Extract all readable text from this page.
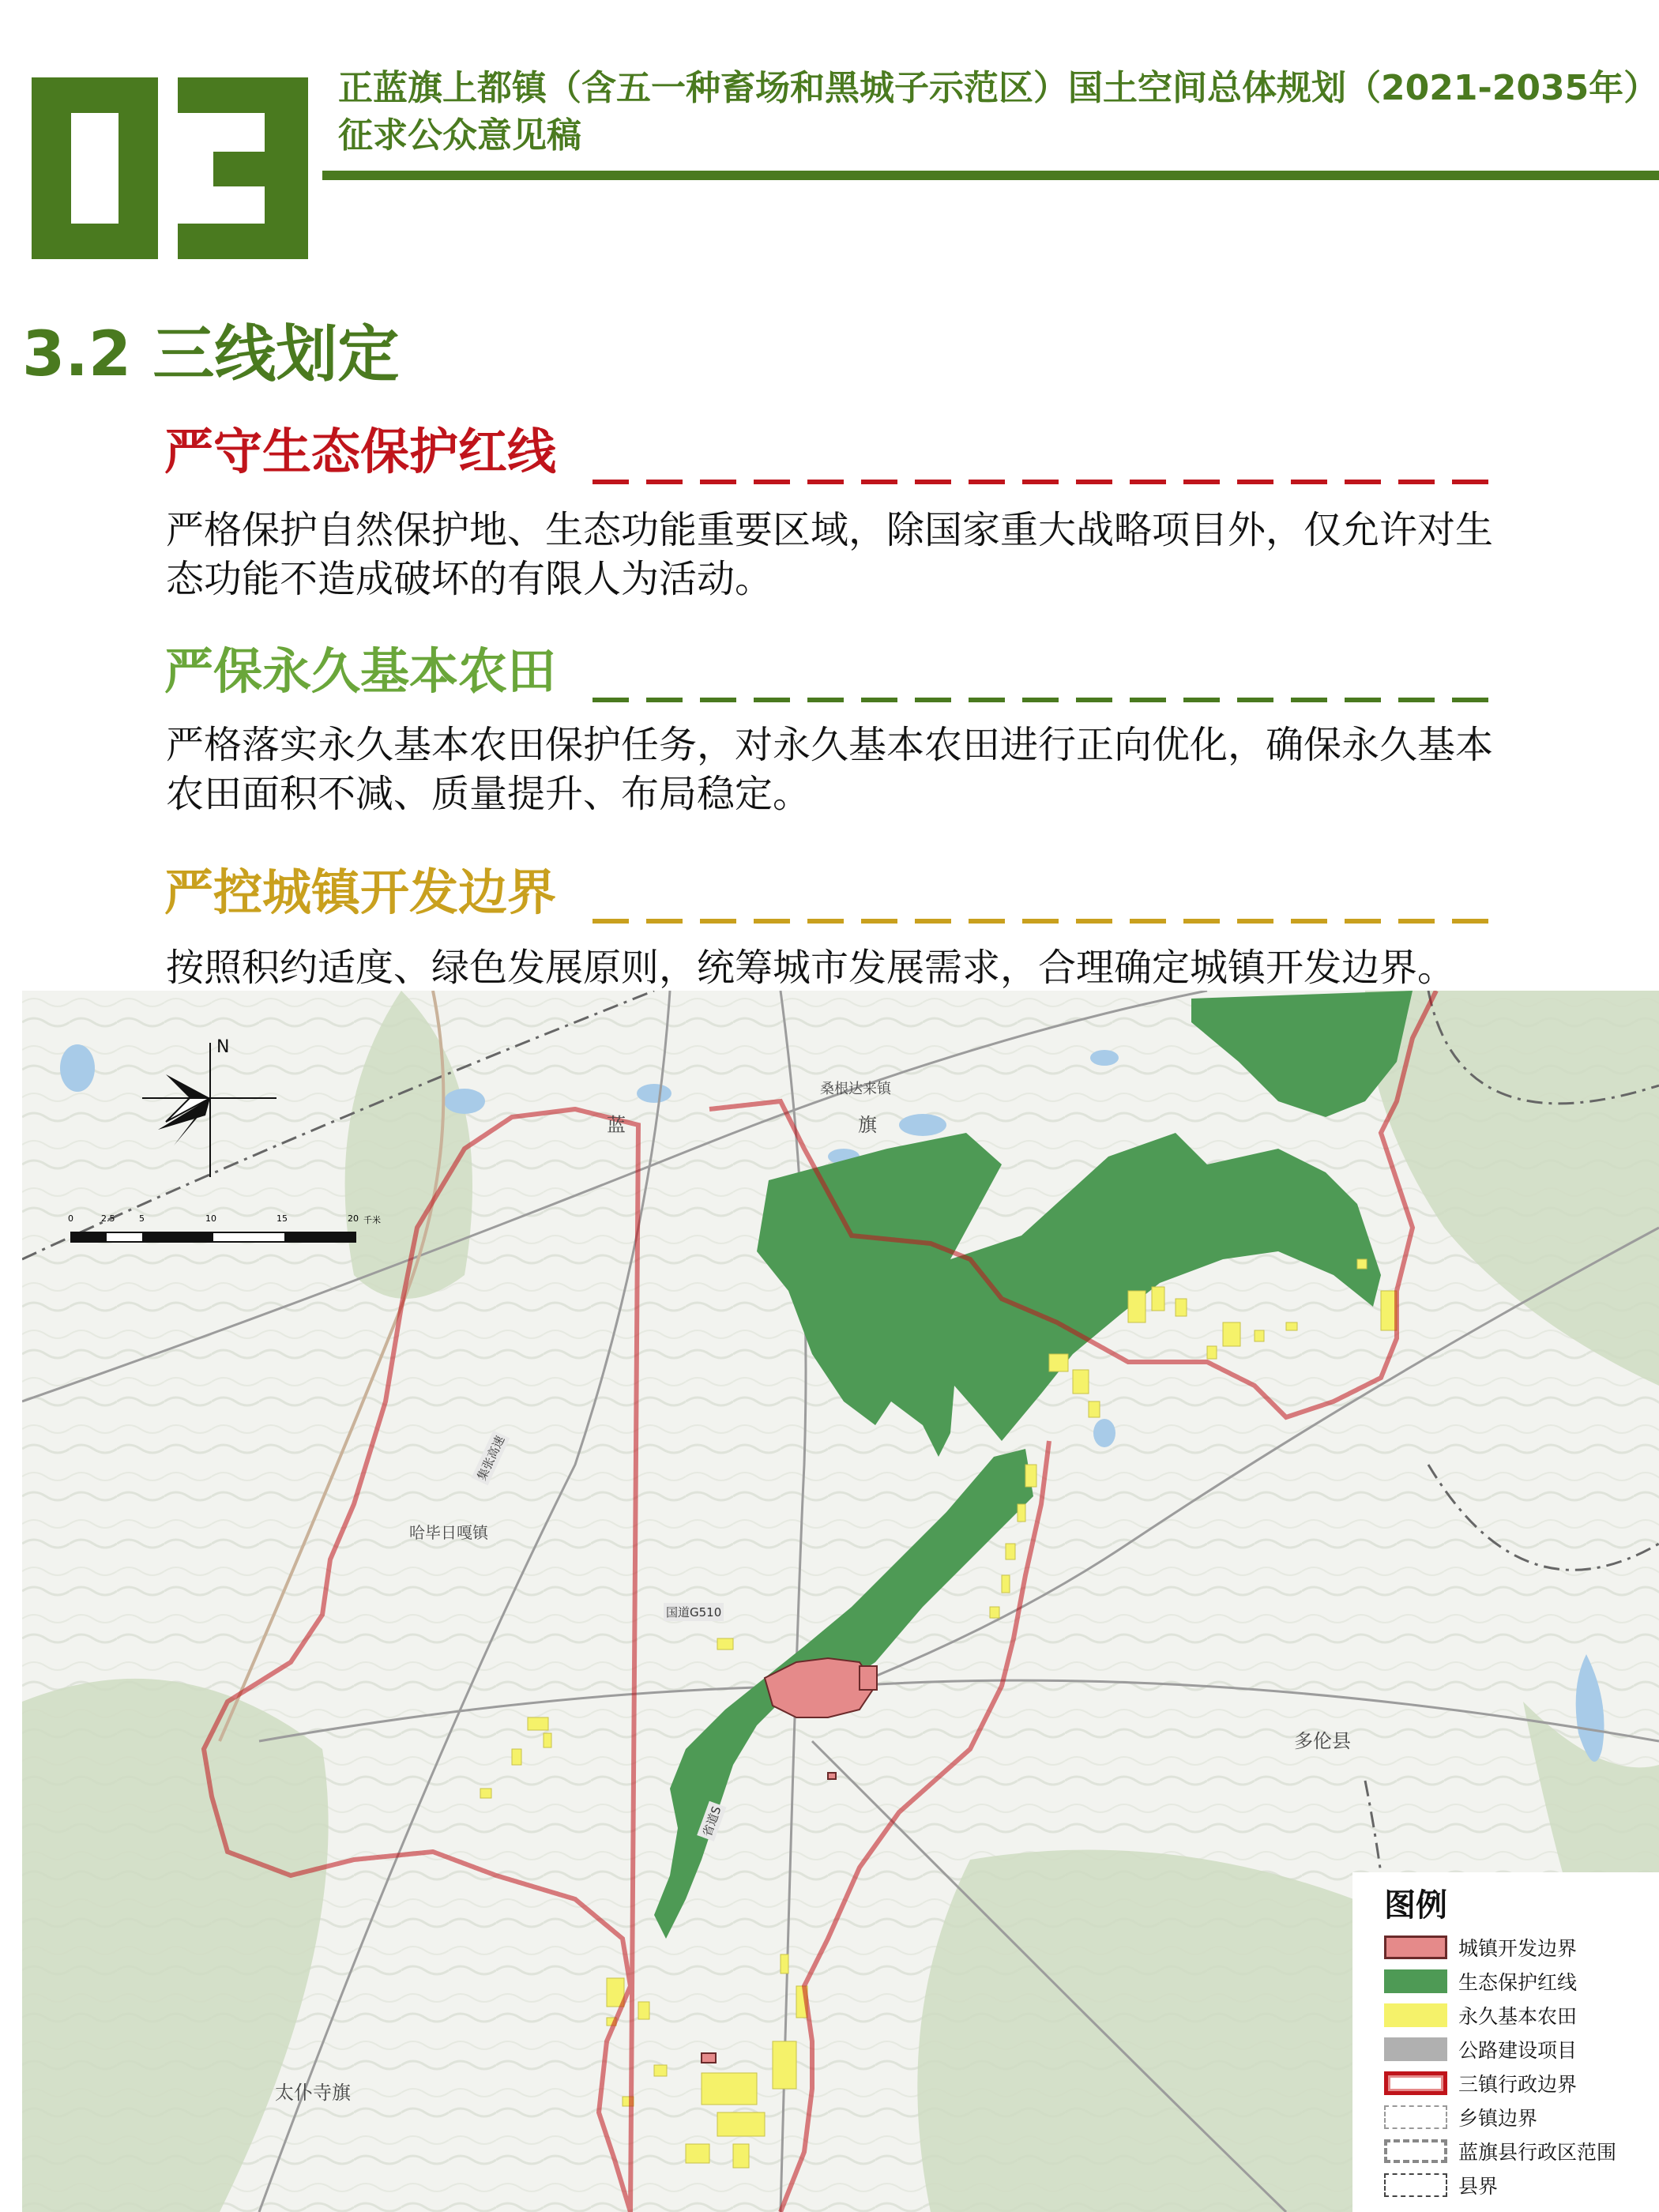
正蓝旗上都镇（含五一种畜场和黑城子示范区）国土空间总体规划（2021-2035年）征求公众意见稿
3.2 三线划定
严守生态保护红线
严格保护自然保护地、生态功能重要区域，除国家重大战略项目外，仅允许对生态功能不造成破坏的有限人为活动。
严保永久基本农田
严格落实永久基本农田保护任务，对永久基本农田进行正向优化，确保永久基本农田面积不减、质量提升、布局稳定。
严控城镇开发边界
按照积约适度、绿色发展原则，统筹城市发展需求，合理确定城镇开发边界。
桑根达来镇
蓝	旗
哈毕日嘎镇
多伦县
太仆寺旗
国道G510
集张高速
省道S
N
0	2.5	5	10	15	20 千米
图例
城镇开发边界
生态保护红线
永久基本农田
公路建设项目
三镇行政边界
乡镇边界
蓝旗县行政区范围
县界
